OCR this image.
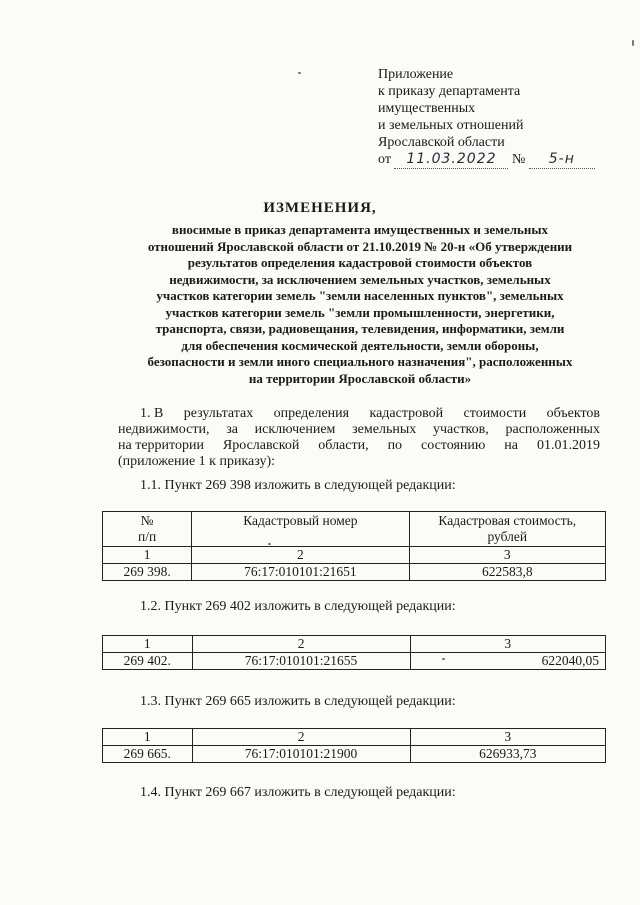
Приложение
к приказу департамента
имущественных
и земельных отношений
Ярославской области
от 11.03.2022 № 5-н
ИЗМЕНЕНИЯ,
вносимые в приказ департамента имущественных и земельных
отношений Ярославской области от 21.10.2019 № 20-н «Об утверждении
результатов определения кадастровой стоимости объектов
недвижимости, за исключением земельных участков, земельных
участков категории земель "земли населенных пунктов", земельных
участков категории земель "земли промышленности, энергетики,
транспорта, связи, радиовещания, телевидения, информатики, земли
для обеспечения космической деятельности, земли обороны,
безопасности и земли иного специального назначения", расположенных
на территории Ярославской области»
1. В результатах определения кадастровой стоимости объектов
недвижимости, за исключением земельных участков, расположенных
на территории Ярославской области, по состоянию на 01.01.2019
(приложение 1 к приказу):
1.1. Пункт 269 398 изложить в следующей редакции:
№
п/п	Кадастровый номер	Кадастровая стоимость,
рублей
1	2	3
269 398.	76:17:010101:21651	622583,8
1.2. Пункт 269 402 изложить в следующей редакции:
1	2	3
269 402.	76:17:010101:21655	622040,05
1.3. Пункт 269 665 изложить в следующей редакции:
1	2	3
269 665.	76:17:010101:21900	626933,73
1.4. Пункт 269 667 изложить в следующей редакции:
